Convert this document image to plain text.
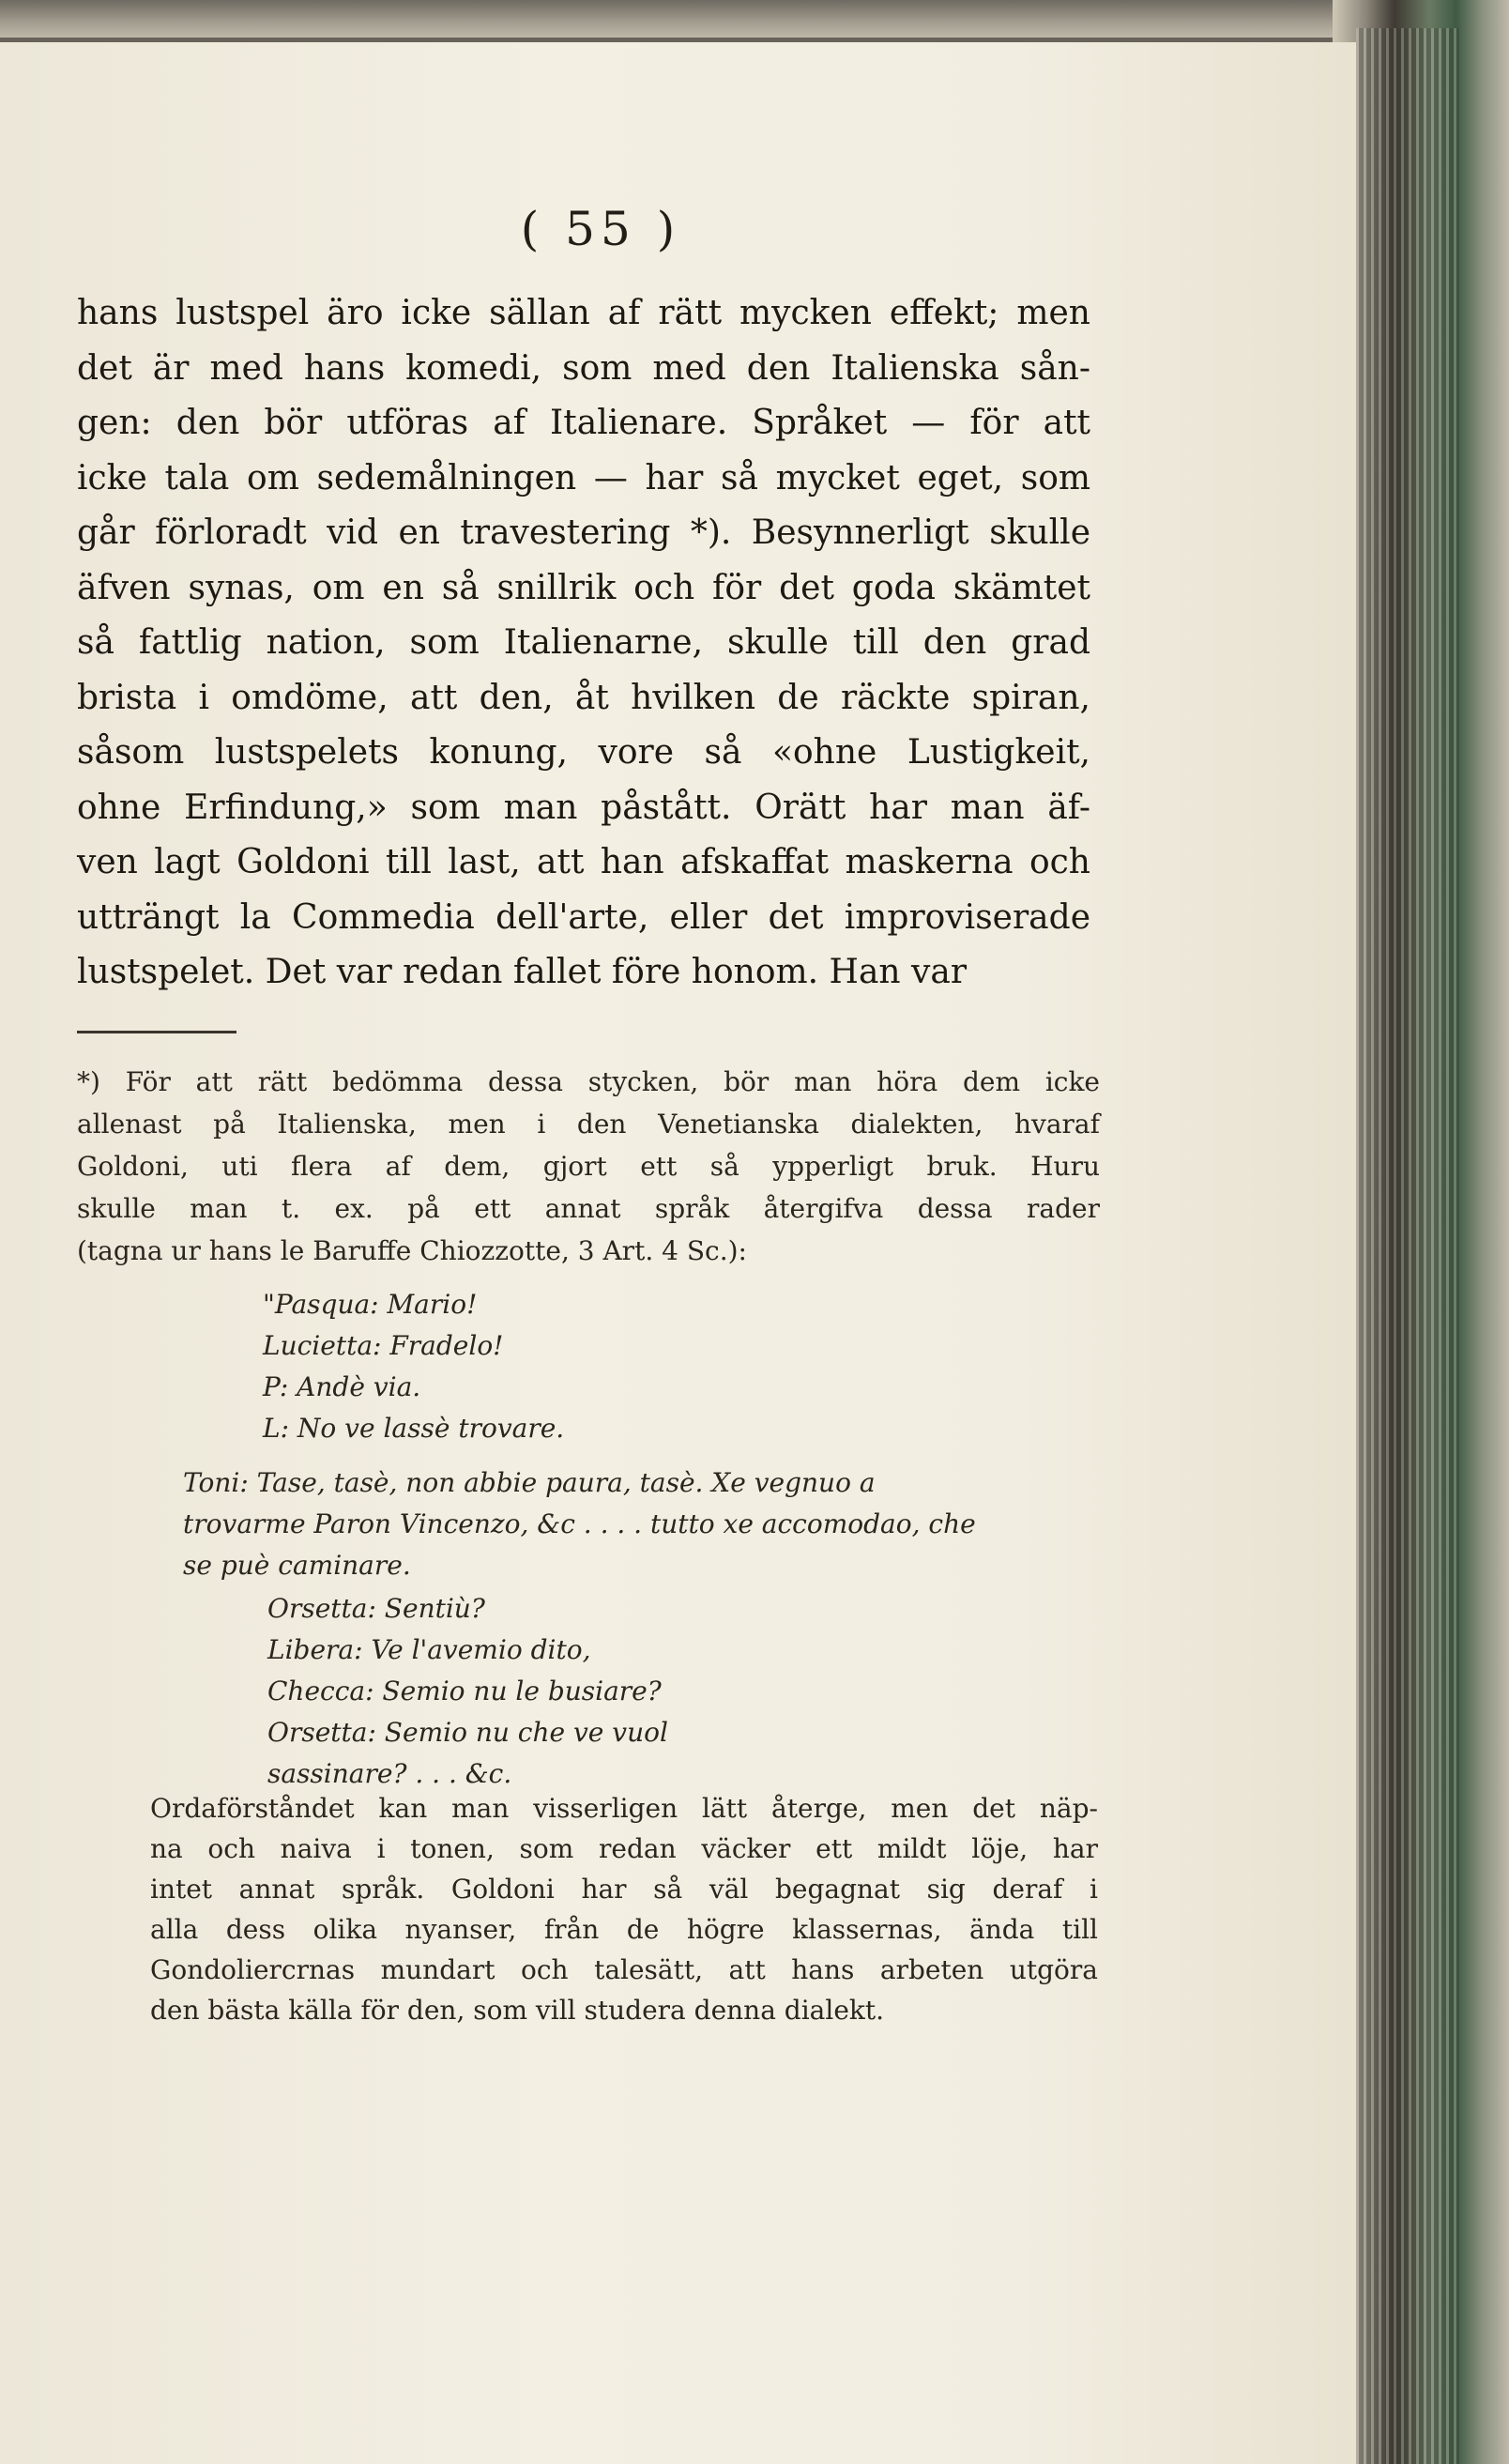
( 55 )
hans lustspel äro icke sällan af rätt mycken effekt; men
det är med hans komedi, som med den Italienska sån-
gen: den bör utföras af Italienare. Språket — för att
icke tala om sedemålningen — har så mycket eget, som
går förloradt vid en travestering *). Besynnerligt skulle
äfven synas, om en så snillrik och för det goda skämtet
så fattlig nation, som Italienarne, skulle till den grad
brista i omdöme, att den, åt hvilken de räckte spiran,
såsom lustspelets konung, vore så «ohne Lustigkeit,
ohne Erfindung,» som man påstått. Orätt har man äf-
ven lagt Goldoni till last, att han afskaffat maskerna och
utträngt la Commedia dell'arte, eller det improviserade
lustspelet. Det var redan fallet före honom. Han var
*) För att rätt bedömma dessa stycken, bör man höra dem icke
allenast på Italienska, men i den Venetianska dialekten, hvaraf
Goldoni, uti flera af dem, gjort ett så ypperligt bruk. Huru
skulle man t. ex. på ett annat språk återgifva dessa rader
(tagna ur hans le Baruffe Chiozzotte, 3 Art. 4 Sc.):
"Pasqua: Mario!
Lucietta: Fradelo!
P: Andè via.
L: No ve lassè trovare.
Toni: Tase, tasè, non abbie paura, tasè. Xe vegnuo a
trovarme Paron Vincenzo, &c . . . . tutto xe accomodao, che
se puè caminare.
Orsetta: Sentiù?
Libera: Ve l'avemio dito,
Checca: Semio nu le busiare?
Orsetta: Semio nu che ve vuol
sassinare? . . . &c.
Ordaförståndet kan man visserligen lätt återge, men det näp-
na och naiva i tonen, som redan väcker ett mildt löje, har
intet annat språk. Goldoni har så väl begagnat sig deraf i
alla dess olika nyanser, från de högre klassernas, ända till
Gondoliercrnas mundart och talesätt, att hans arbeten utgöra
den bästa källa för den, som vill studera denna dialekt.
